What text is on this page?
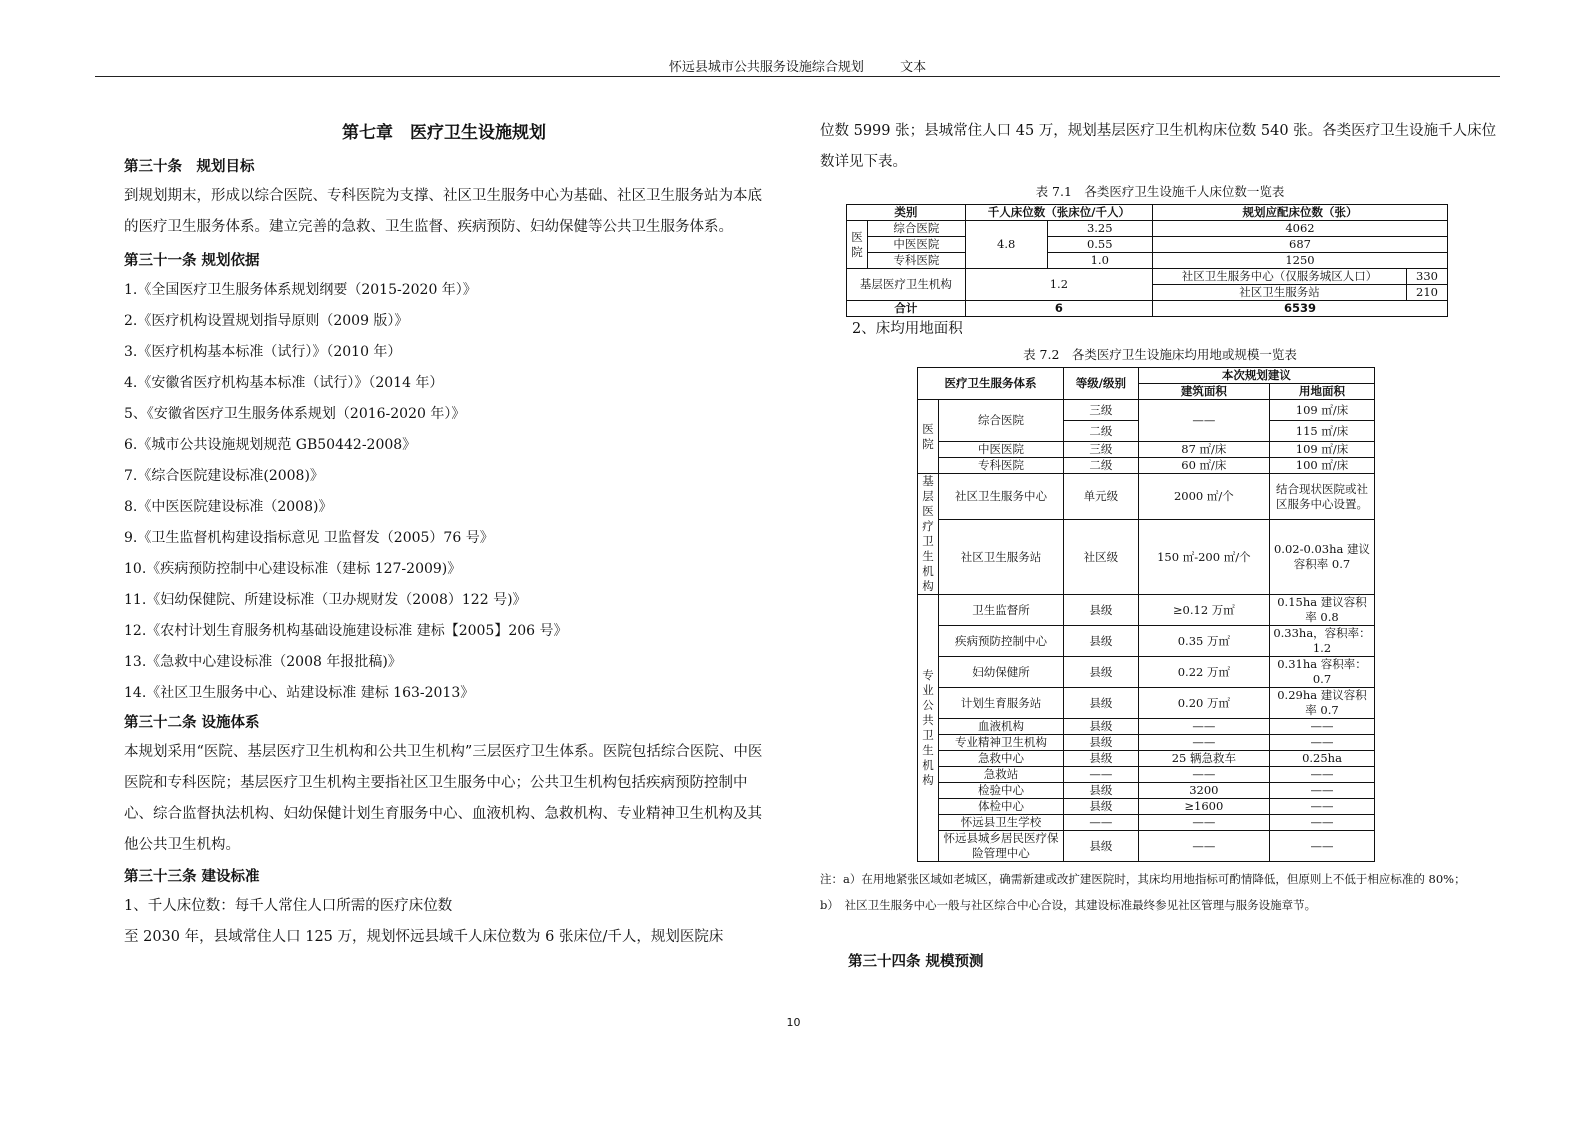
怀远县城市公共服务设施综合规划	文本
第七章　医疗卫生设施规划

第三十条　规划目标

到规划期末，形成以综合医院、专科医院为支撑、社区卫生服务中心为基础、社区卫生服务站为本底的医疗卫生服务体系。建立完善的急救、卫生监督、疾病预防、妇幼保健等公共卫生服务体系。

第三十一条 规划依据

1.《全国医疗卫生服务体系规划纲要（2015-2020 年）》

2.《医疗机构设置规划指导原则（2009 版）》

3.《医疗机构基本标准（试行）》（2010 年）

4.《安徽省医疗机构基本标准（试行）》（2014 年）

5、《安徽省医疗卫生服务体系规划（2016-2020 年）》

6.《城市公共设施规划规范 GB50442-2008》

7.《综合医院建设标准(2008)》

8.《中医医院建设标准（2008)》

9.《卫生监督机构建设指标意见 卫监督发（2005）76 号》

10.《疾病预防控制中心建设标准（建标 127-2009)》

11.《妇幼保健院、所建设标准（卫办规财发（2008）122 号)》

12.《农村计划生育服务机构基础设施建设标准 建标【2005】206 号》

13.《急救中心建设标准（2008 年报批稿)》

14.《社区卫生服务中心、站建设标准 建标 163-2013》

第三十二条 设施体系

本规划采用“医院、基层医疗卫生机构和公共卫生机构”三层医疗卫生体系。医院包括综合医院、中医医院和专科医院；基层医疗卫生机构主要指社区卫生服务中心；公共卫生机构包括疾病预防控制中心、综合监督执法机构、妇幼保健计划生育服务中心、血液机构、急救机构、专业精神卫生机构及其他公共卫生机构。

第三十三条 建设标准

1、千人床位数：每千人常住人口所需的医疗床位数

至 2030 年，县域常住人口 125 万，规划怀远县域千人床位数为 6 张床位/千人，规划医院床

位数 5999 张；县城常住人口 45 万，规划基层医疗卫生机构床位数 540 张。各类医疗卫生设施千人床位数详见下表。

表 7.1　各类医疗卫生设施千人床位数一览表
类别		千人床位数（张床位/千人）		规划应配床位数（张）	
医院	综合医院	4.8	3.25	4062	
	中医医院		0.55	687	
	专科医院		1.0	1250	
基层医疗卫生机构		1.2		社区卫生服务中心（仅服务城区人口）	330
				社区卫生服务站	210
合计		6		6539	

2、床均用地面积

表 7.2　各类医疗卫生设施床均用地或规模一览表
医疗卫生服务体系		等级/级别	本次规划建议	
			建筑面积	用地面积
医院	综合医院	三级	——	109 ㎡/床
		二级		115 ㎡/床
	中医医院	三级	87 ㎡/床	109 ㎡/床
	专科医院	二级	60 ㎡/床	100 ㎡/床
基层医疗卫生机构	社区卫生服务中心	单元级	2000 ㎡/个	结合现状医院或社区服务中心设置。
	社区卫生服务站	社区级	150 ㎡-200 ㎡/个	0.02-0.03ha 建议容积率 0.7
专业公共卫生机构	卫生监督所	县级	≥0.12 万㎡	0.15ha 建议容积率 0.8
	疾病预防控制中心	县级	0.35 万㎡	0.33ha，容积率：1.2
	妇幼保健所	县级	0.22 万㎡	0.31ha 容积率：0.7
	计划生育服务站	县级	0.20 万㎡	0.29ha 建议容积率 0.7
	血液机构	县级	——	——
	专业精神卫生机构	县级	——	——
	急救中心	县级	25 辆急救车	0.25ha
	急救站	——	——	——
	检验中心	县级	3200	——
	体检中心	县级	≥1600	——
	怀远县卫生学校	——	——	——
	怀远县城乡居民医疗保险管理中心	县级	——	——

注：a）在用地紧张区域如老城区，确需新建或改扩建医院时，其床均用地指标可酌情降低，但原则上不低于相应标准的 80%；

b）　社区卫生服务中心一般与社区综合中心合设，其建设标准最终参见社区管理与服务设施章节。

第三十四条 规模预测

10
